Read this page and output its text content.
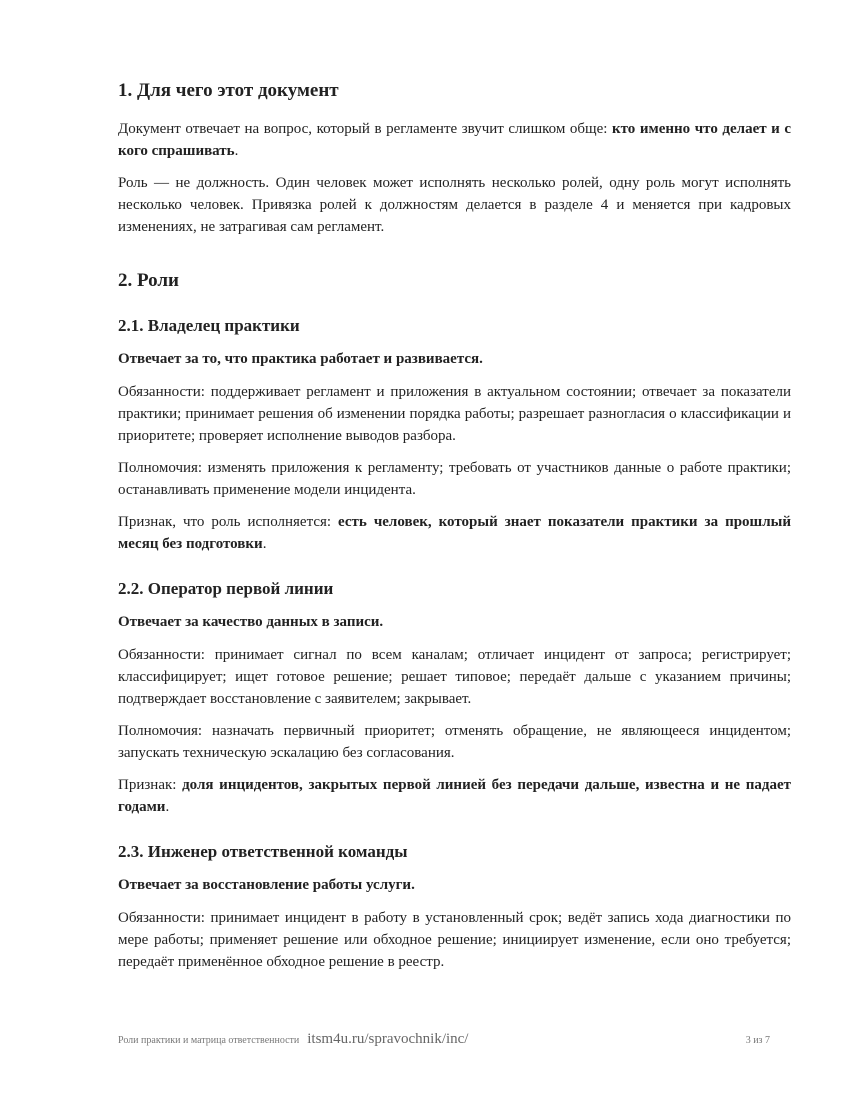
1. Для чего этот документ

Документ отвечает на вопрос, который в регламенте звучит слишком обще: кто именно что делает и с кого спрашивать.

Роль — не должность. Один человек может исполнять несколько ролей, одну роль могут исполнять несколько человек. Привязка ролей к должностям делается в разделе 4 и меняется при кадровых изменениях, не затрагивая сам регламент.

2. Роли
2.1. Владелец практики

Отвечает за то, что практика работает и развивается.

Обязанности: поддерживает регламент и приложения в актуальном состоянии; отвечает за показатели практики; принимает решения об изменении порядка работы; разрешает разногласия о классификации и приоритете; проверяет исполнение выводов разбора.

Полномочия: изменять приложения к регламенту; требовать от участников данные о работе практики; останавливать применение модели инцидента.

Признак, что роль исполняется: есть человек, который знает показатели практики за прошлый месяц без подготовки.

2.2. Оператор первой линии

Отвечает за качество данных в записи.

Обязанности: принимает сигнал по всем каналам; отличает инцидент от запроса; регистрирует; классифицирует; ищет готовое решение; решает типовое; передаёт дальше с указанием причины; подтверждает восстановление с заявителем; закрывает.

Полномочия: назначать первичный приоритет; отменять обращение, не являющееся инцидентом; запускать техническую эскалацию без согласования.

Признак: доля инцидентов, закрытых первой линией без передачи дальше, известна и не падает годами.

2.3. Инженер ответственной команды

Отвечает за восстановление работы услуги.

Обязанности: принимает инцидент в работу в установленный срок; ведёт запись хода диагностики по мере работы; применяет решение или обходное решение; инициирует изменение, если оно требуется; передаёт применённое обходное решение в реестр.

Роли практики и матрица ответственности itsm4u.ru/spravochnik/inc/	3 из 7
